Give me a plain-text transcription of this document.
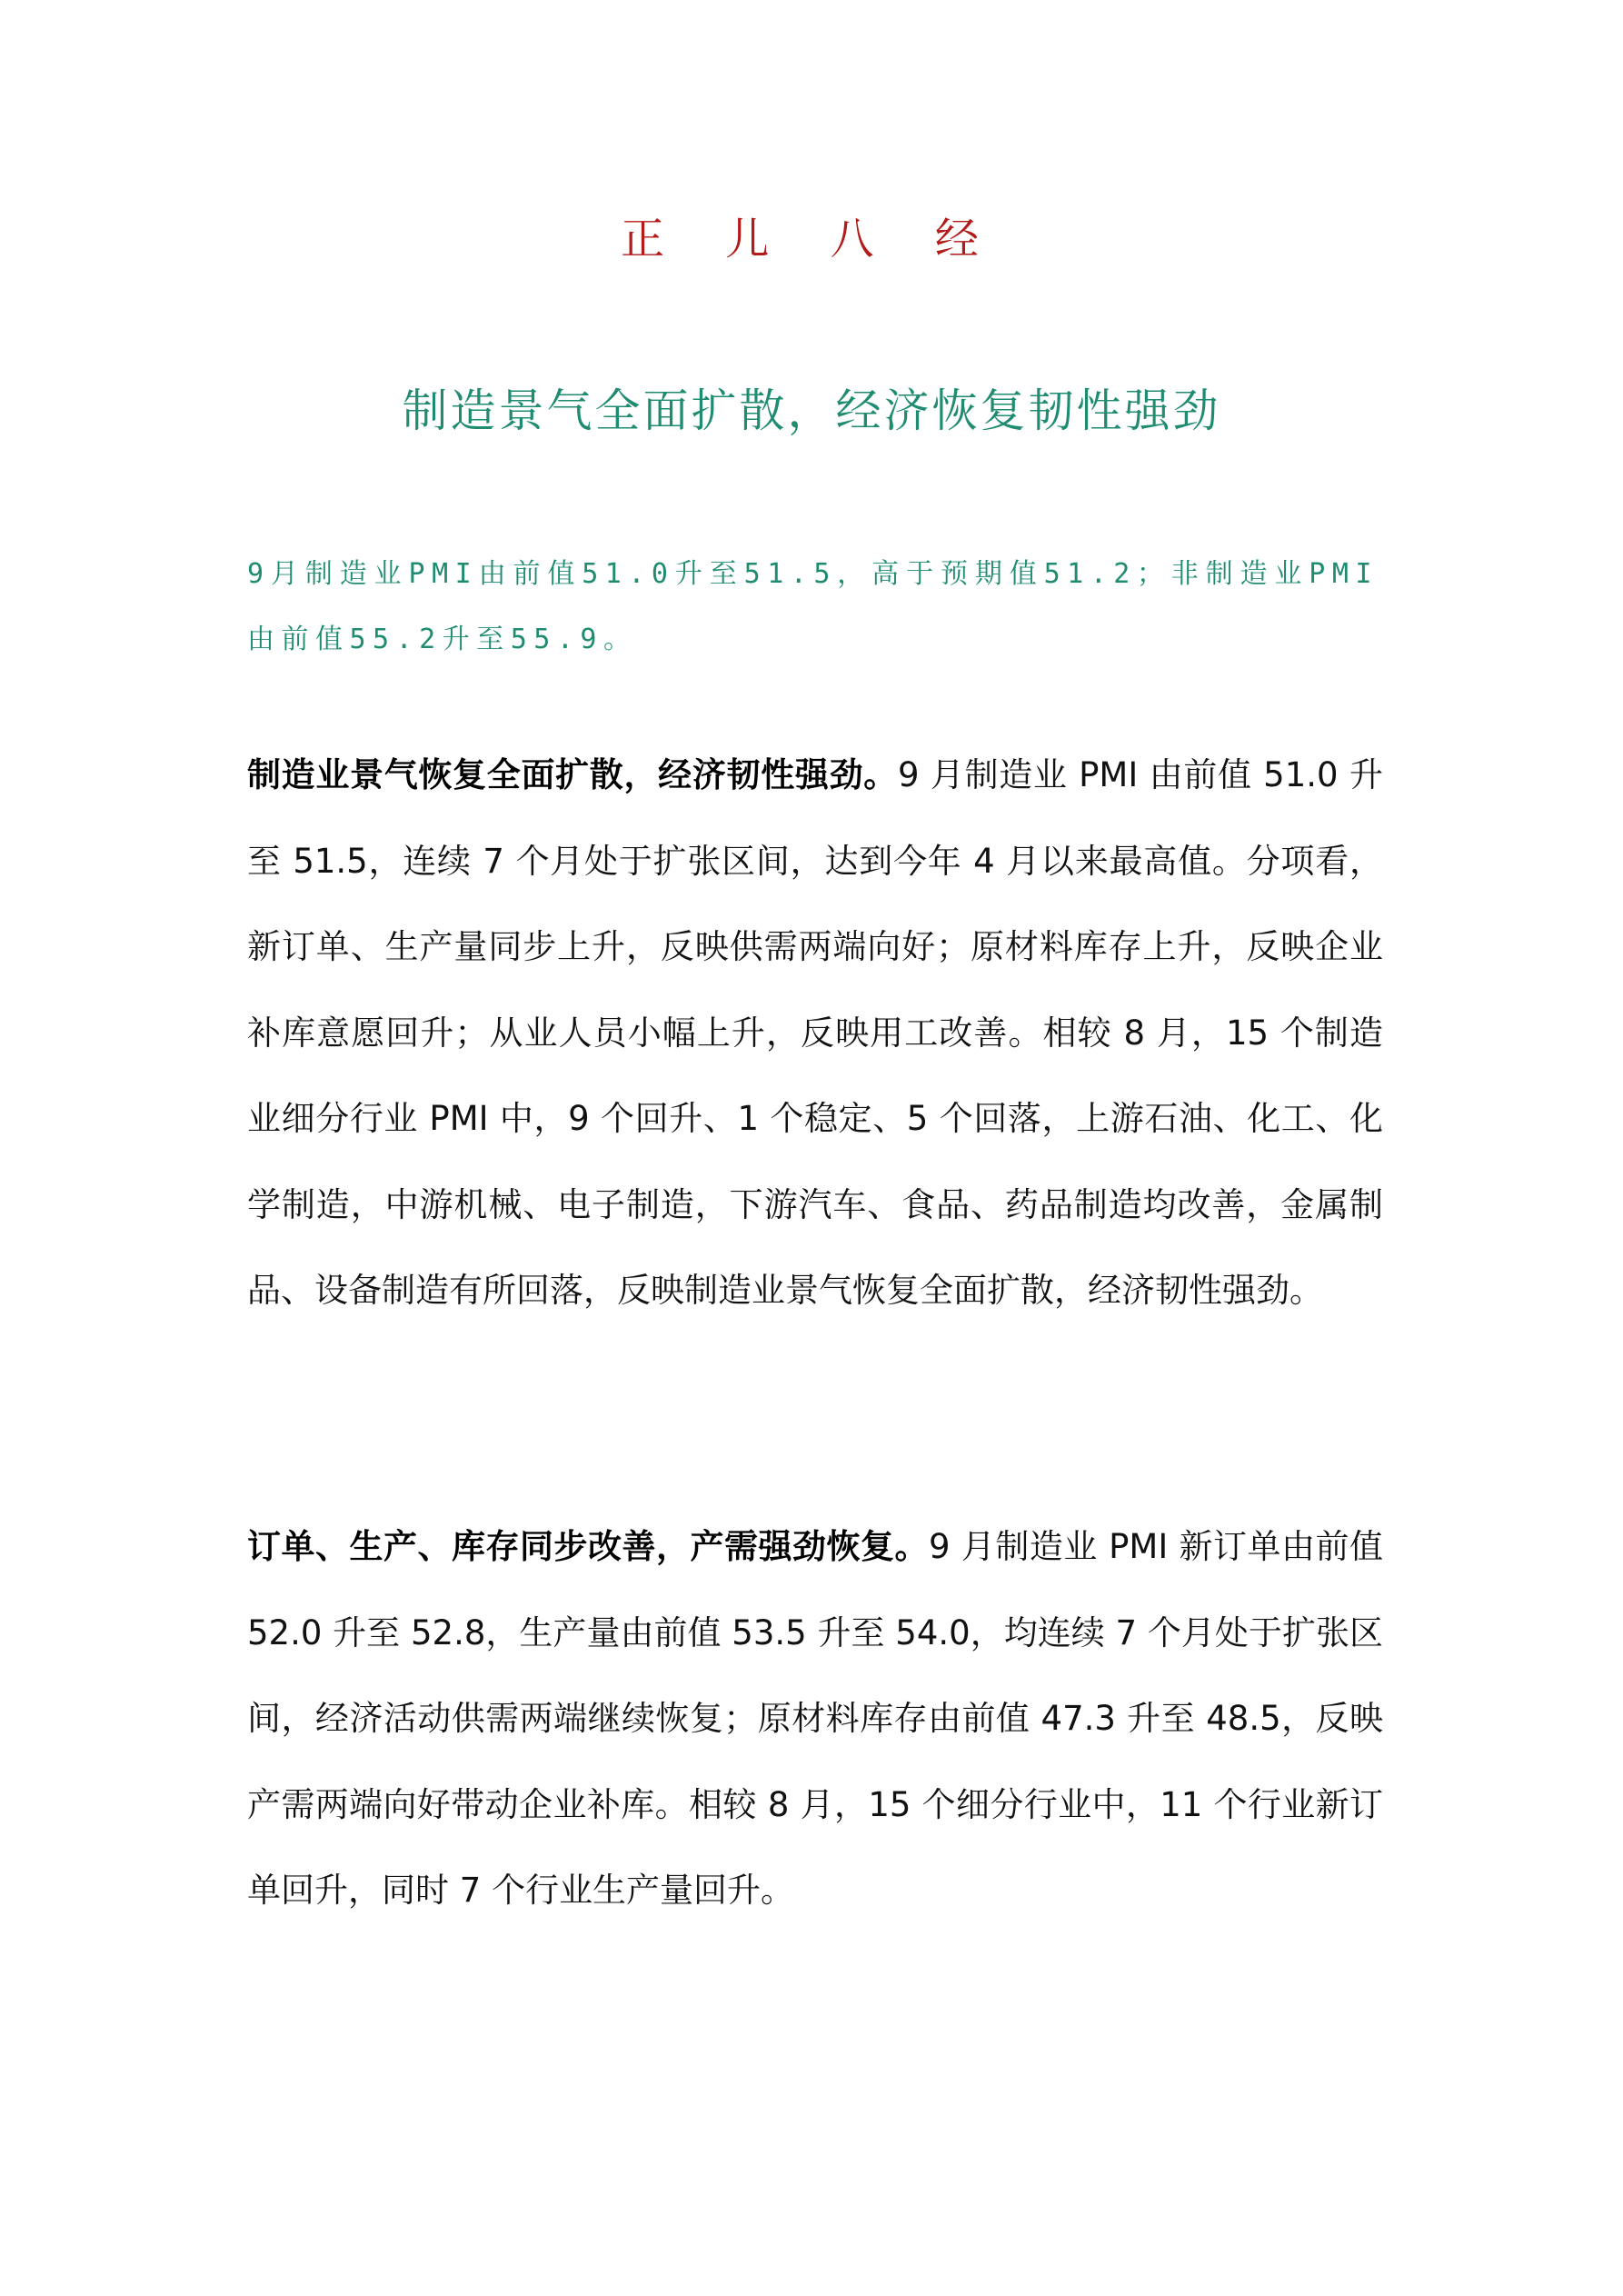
正 儿 八 经
制造景气全面扩散，经济恢复韧性强劲

9月制造业PMI由前值51.0升至51.5，高于预期值51.2；非制造业PMI由前值55.2升至55.9。

制造业景气恢复全面扩散，经济韧性强劲。9 月制造业 PMI 由前值 51.0 升至 51.5，连续 7 个月处于扩张区间，达到今年 4 月以来最高值。分项看，新订单、生产量同步上升，反映供需两端向好；原材料库存上升，反映企业补库意愿回升；从业人员小幅上升，反映用工改善。相较 8 月，15 个制造业细分行业 PMI 中，9 个回升、1 个稳定、5 个回落，上游石油、化工、化学制造，中游机械、电子制造，下游汽车、食品、药品制造均改善，金属制品、设备制造有所回落，反映制造业景气恢复全面扩散，经济韧性强劲。

订单、生产、库存同步改善，产需强劲恢复。9 月制造业 PMI 新订单由前值 52.0 升至 52.8，生产量由前值 53.5 升至 54.0，均连续 7 个月处于扩张区间，经济活动供需两端继续恢复；原材料库存由前值 47.3 升至 48.5，反映产需两端向好带动企业补库。相较 8 月，15 个细分行业中，11 个行业新订单回升，同时 7 个行业生产量回升。
